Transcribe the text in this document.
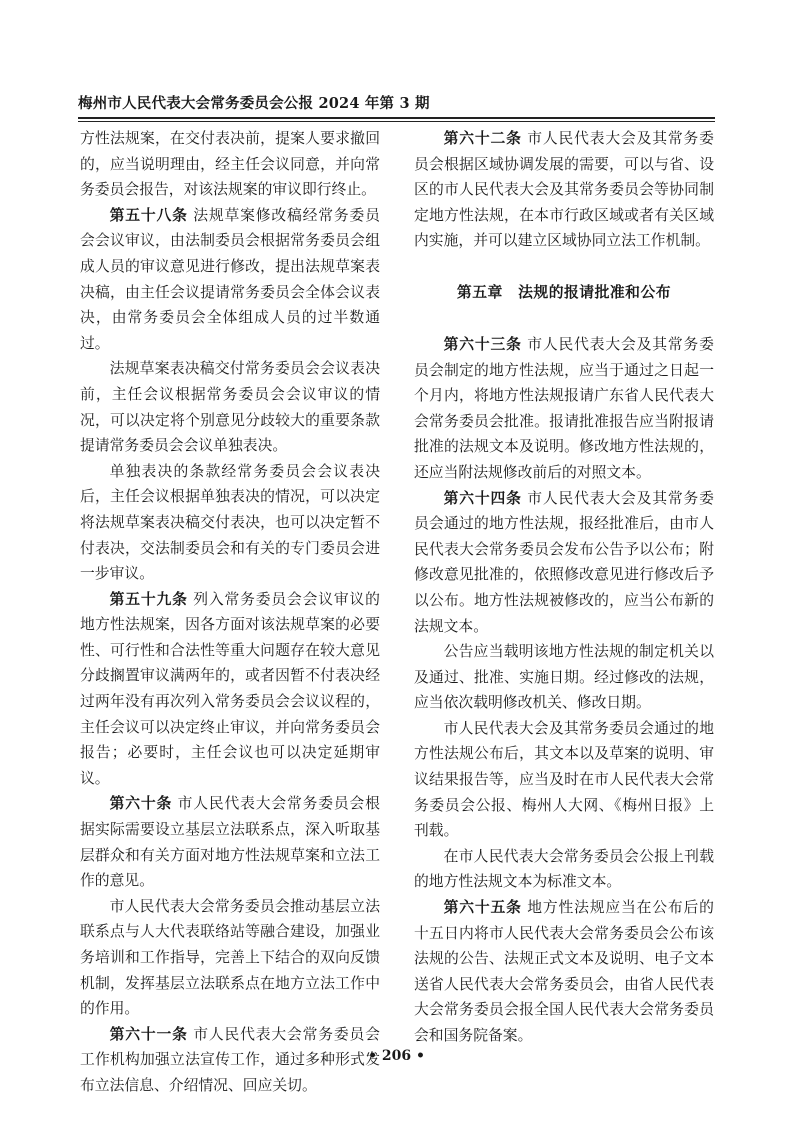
梅州市人民代表大会常务委员会公报 2024 年第 3 期

方性法规案，在交付表决前，提案人要求撤回的，应当说明理由，经主任会议同意，并向常务委员会报告，对该法规案的审议即行终止。

第五十八条 法规草案修改稿经常务委员会会议审议，由法制委员会根据常务委员会组成人员的审议意见进行修改，提出法规草案表决稿，由主任会议提请常务委员会全体会议表决，由常务委员会全体组成人员的过半数通过。

法规草案表决稿交付常务委员会会议表决前，主任会议根据常务委员会会议审议的情况，可以决定将个别意见分歧较大的重要条款提请常务委员会会议单独表决。

单独表决的条款经常务委员会会议表决后，主任会议根据单独表决的情况，可以决定将法规草案表决稿交付表决，也可以决定暂不付表决，交法制委员会和有关的专门委员会进一步审议。

第五十九条 列入常务委员会会议审议的地方性法规案，因各方面对该法规草案的必要性、可行性和合法性等重大问题存在较大意见分歧搁置审议满两年的，或者因暂不付表决经过两年没有再次列入常务委员会会议议程的，主任会议可以决定终止审议，并向常务委员会报告；必要时，主任会议也可以决定延期审议。

第六十条 市人民代表大会常务委员会根据实际需要设立基层立法联系点，深入听取基层群众和有关方面对地方性法规草案和立法工作的意见。

市人民代表大会常务委员会推动基层立法联系点与人大代表联络站等融合建设，加强业务培训和工作指导，完善上下结合的双向反馈机制，发挥基层立法联系点在地方立法工作中的作用。

第六十一条 市人民代表大会常务委员会工作机构加强立法宣传工作，通过多种形式发布立法信息、介绍情况、回应关切。

第六十二条 市人民代表大会及其常务委员会根据区域协调发展的需要，可以与省、设区的市人民代表大会及其常务委员会等协同制定地方性法规，在本市行政区域或者有关区域内实施，并可以建立区域协同立法工作机制。

第五章　法规的报请批准和公布

第六十三条 市人民代表大会及其常务委员会制定的地方性法规，应当于通过之日起一个月内，将地方性法规报请广东省人民代表大会常务委员会批准。报请批准报告应当附报请批准的法规文本及说明。修改地方性法规的，还应当附法规修改前后的对照文本。

第六十四条 市人民代表大会及其常务委员会通过的地方性法规，报经批准后，由市人民代表大会常务委员会发布公告予以公布；附修改意见批准的，依照修改意见进行修改后予以公布。地方性法规被修改的，应当公布新的法规文本。

公告应当载明该地方性法规的制定机关以及通过、批准、实施日期。经过修改的法规，应当依次载明修改机关、修改日期。

市人民代表大会及其常务委员会通过的地方性法规公布后，其文本以及草案的说明、审议结果报告等，应当及时在市人民代表大会常务委员会公报、梅州人大网、《梅州日报》上刊载。

在市人民代表大会常务委员会公报上刊载的地方性法规文本为标准文本。

第六十五条 地方性法规应当在公布后的十五日内将市人民代表大会常务委员会公布该法规的公告、法规正式文本及说明、电子文本送省人民代表大会常务委员会，由省人民代表大会常务委员会报全国人民代表大会常务委员会和国务院备案。

• 206 •
